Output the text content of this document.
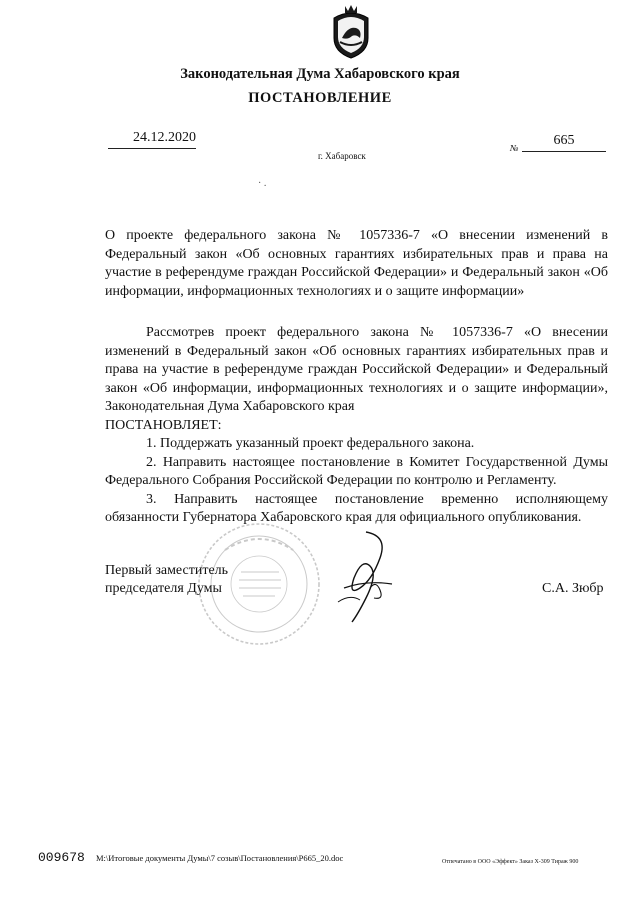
Законодательная Дума Хабаровского края
ПОСТАНОВЛЕНИЕ
24.12.2020
г. Хабаровск
№	665
· .
О проекте федерального закона № 1057336-7 «О внесении изменений в Федеральный закон «Об основных гарантиях избирательных прав и права на участие в референдуме граждан Российской Федерации» и Федеральный закон «Об информации, информационных технологиях и о защите информации»

Рассмотрев проект федерального закона № 1057336-7 «О внесении изменений в Федеральный закон «Об основных гарантиях избирательных прав и права на участие в референдуме граждан Российской Федерации» и Федеральный закон «Об информации, информационных технологиях и о защите информации», Законодательная Дума Хабаровского края

ПОСТАНОВЛЯЕТ:

1. Поддержать указанный проект федерального закона.

2. Направить настоящее постановление в Комитет Государственной Думы Федерального Собрания Российской Федерации по контролю и Регламенту.

3. Направить настоящее постановление временно исполняющему обязанности Губернатора Хабаровского края для официального опубликования.

Первый заместитель
председателя Думы	С.А. Зюбр
009678 M:\Итоговые документы Думы\7 созыв\Постановления\Р665_20.doc	Отпечатано в ООО «Эффект» Заказ Х-309 Тираж 900
